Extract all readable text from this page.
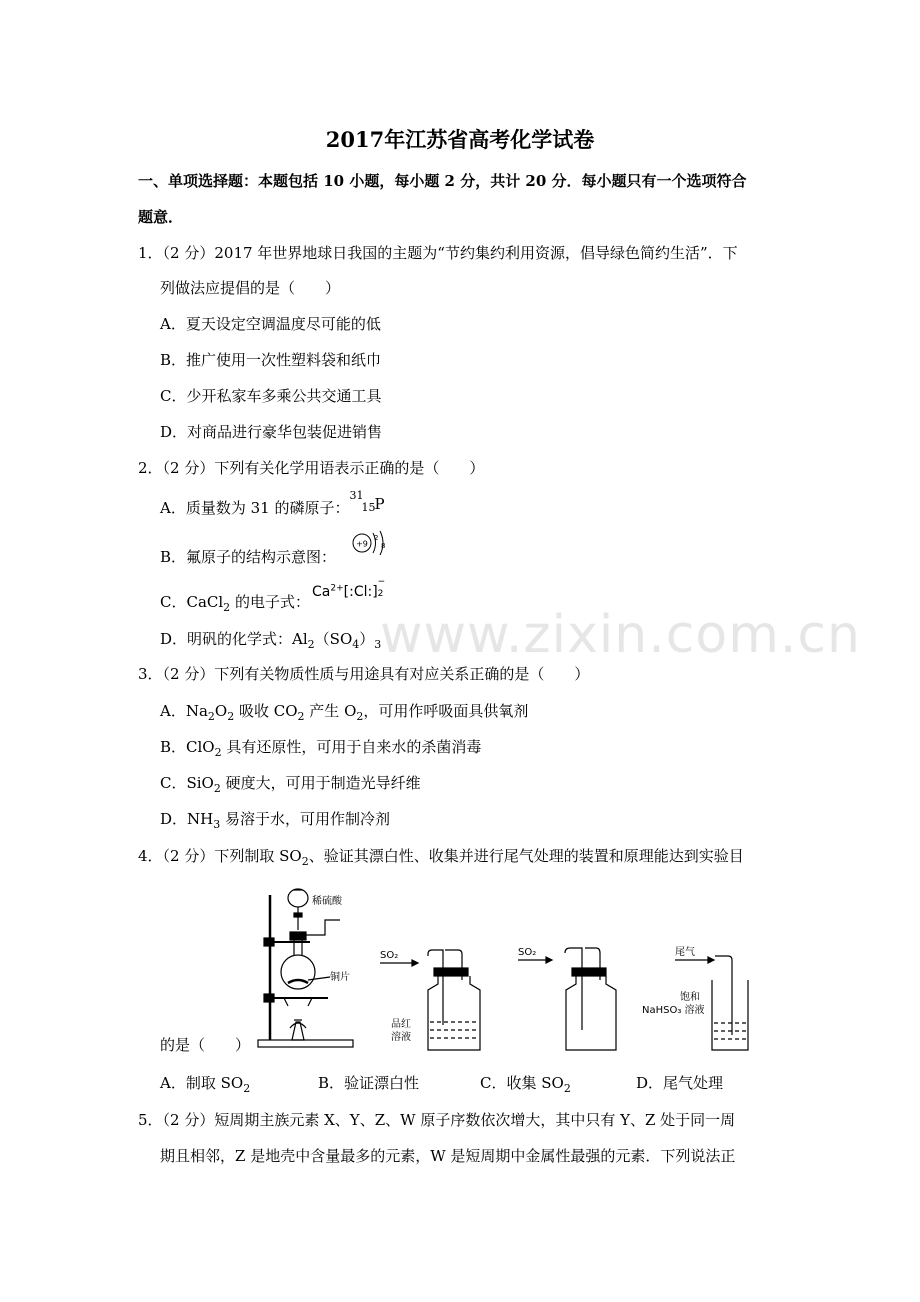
www.zixin.com.cn
2017年江苏省高考化学试卷
一、单项选择题：本题包括 10 小题，每小题 2 分，共计 20 分．每小题只有一个选项符合
题意．
1．（2 分）2017 年世界地球日我国的主题为“节约集约利用资源，倡导绿色简约生活”．下
列做法应提倡的是（　　）
A．夏天设定空调温度尽可能的低
B．推广使用一次性塑料袋和纸巾
C．少开私家车多乘公共交通工具
D．对商品进行豪华包装促进销售
2．（2 分）下列有关化学用语表示正确的是（　　）
A．质量数为 31 的磷原子：
31
15 P
B．氟原子的结构示意图：
+9
2
8
C．CaCl$_2$ 的电子式：
$Ca^{2+}[:Cl:]$
−
2
D．明矾的化学式：$Al_2(SO_4)_3$
3．（2 分）下列有关物质性质与用途具有对应关系正确的是（　　）
A．$Na_2O_2$ 吸收 $CO_2$ 产生 $O_2$，可用作呼吸面具供氧剂
B．ClO$_2$ 具有还原性，可用于自来水的杀菌消毒
C．SiO$_2$ 硬度大，可用于制造光导纤维
D．$NH_3$ 易溶于水，可用作制冷剂
4．（2 分）下列制取 $SO_2$、验证其漂白性、收集并进行尾气处理的装置和原理能达到实验目
稀硫酸
铜片
SO₂
品红
溶液
SO₂	尾气
饱和
NaHSO₃ 溶液
的是（　　）
A．制取 $SO_2$	B．验证漂白性	C．收集 $SO_2$	D．尾气处理
5．（2 分）短周期主族元素 X、Y、Z、W 原子序数依次增大，其中只有 Y、Z 处于同一周
期且相邻，Z 是地壳中含量最多的元素，W 是短周期中金属性最强的元素．下列说法正
